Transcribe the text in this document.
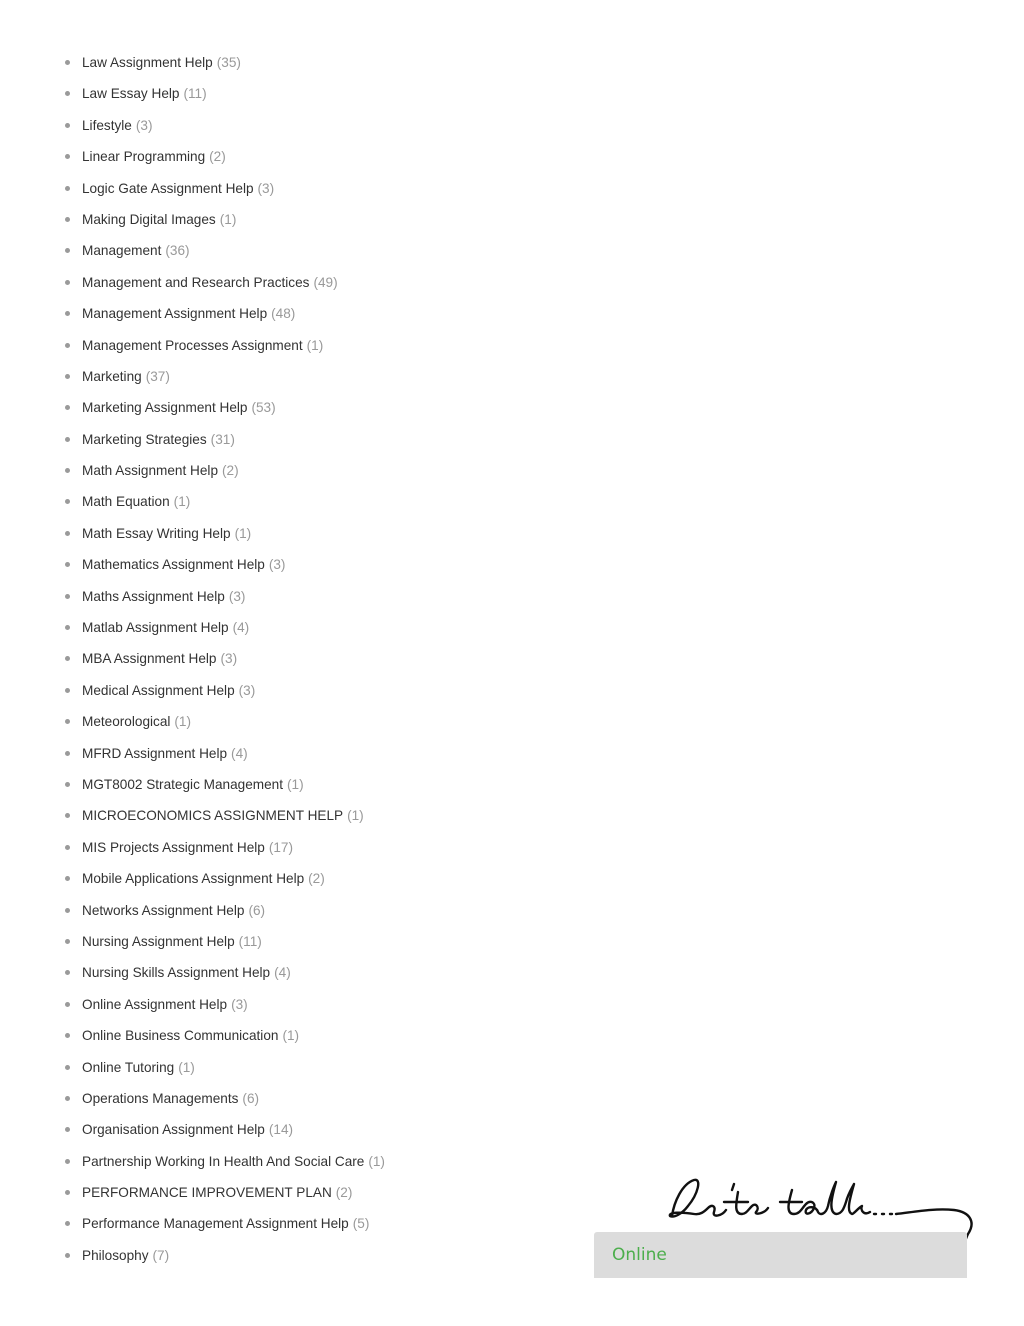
Law Assignment Help (35)
Law Essay Help (11)
Lifestyle (3)
Linear Programming (2)
Logic Gate Assignment Help (3)
Making Digital Images (1)
Management (36)
Management and Research Practices (49)
Management Assignment Help (48)
Management Processes Assignment (1)
Marketing (37)
Marketing Assignment Help (53)
Marketing Strategies (31)
Math Assignment Help (2)
Math Equation (1)
Math Essay Writing Help (1)
Mathematics Assignment Help (3)
Maths Assignment Help (3)
Matlab Assignment Help (4)
MBA Assignment Help (3)
Medical Assignment Help (3)
Meteorological (1)
MFRD Assignment Help (4)
MGT8002 Strategic Management (1)
MICROECONOMICS ASSIGNMENT HELP (1)
MIS Projects Assignment Help (17)
Mobile Applications Assignment Help (2)
Networks Assignment Help (6)
Nursing Assignment Help (11)
Nursing Skills Assignment Help (4)
Online Assignment Help (3)
Online Business Communication (1)
Online Tutoring (1)
Operations Managements (6)
Organisation Assignment Help (14)
Partnership Working In Health And Social Care (1)
PERFORMANCE IMPROVEMENT PLAN (2)
Performance Management Assignment Help (5)
Philosophy (7)	Online
